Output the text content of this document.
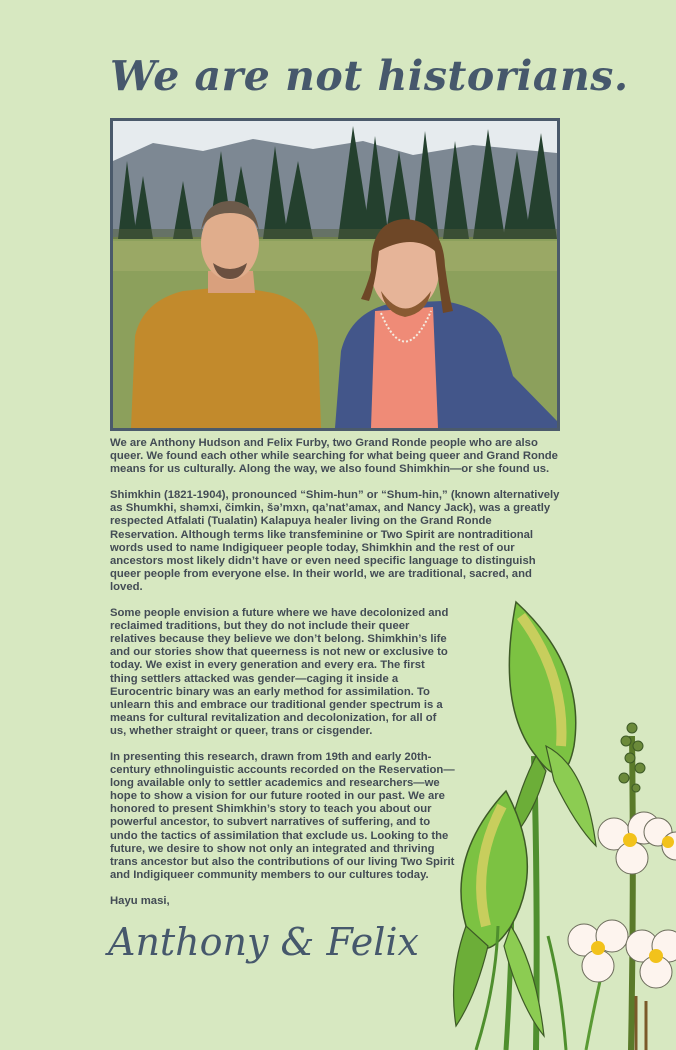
We are not historians.

We are Anthony Hudson and Felix Furby, two Grand Ronde people who are also queer. We found each other while searching for what being queer and Grand Ronde means for us culturally. Along the way, we also found Shimkhin—or she found us.

Shimkhin (1821-1904), pronounced “Shim-hun” or “Shum-hin,” (known alternatively as Shumkhi, shəmxi, čimkin, šə’mxn, qa’nat’amax, and Nancy Jack), was a greatly respected Atfalati (Tualatin) Kalapuya healer living on the Grand Ronde Reservation. Although terms like transfeminine or Two Spirit are nontraditional words used to name Indigiqueer people today, Shimkhin and the rest of our ancestors most likely didn’t have or even need specific language to distinguish queer people from everyone else. In their world, we are traditional, sacred, and loved.

Some people envision a future where we have decolonized and reclaimed traditions, but they do not include their queer relatives because they believe we don’t belong. Shimkhin’s life and our stories show that queerness is not new or exclusive to today. We exist in every generation and every era. The first thing settlers attacked was gender—caging it inside a Eurocentric binary was an early method for assimilation. To unlearn this and embrace our traditional gender spectrum is a means for cultural revitalization and decolonization, for all of us, whether straight or queer, trans or cisgender.

In presenting this research, drawn from 19th and early 20th-century ethnolinguistic accounts recorded on the Reservation—long available only to settler academics and researchers—we hope to show a vision for our future rooted in our past. We are honored to present Shimkhin’s story to teach you about our powerful ancestor, to subvert narratives of suffering, and to undo the tactics of assimilation that exclude us. Looking to the future, we desire to show not only an integrated and thriving trans ancestor but also the contributions of our living Two Spirit and Indigiqueer community members to our cultures today.

Hayu masi,

Anthony & Felix
